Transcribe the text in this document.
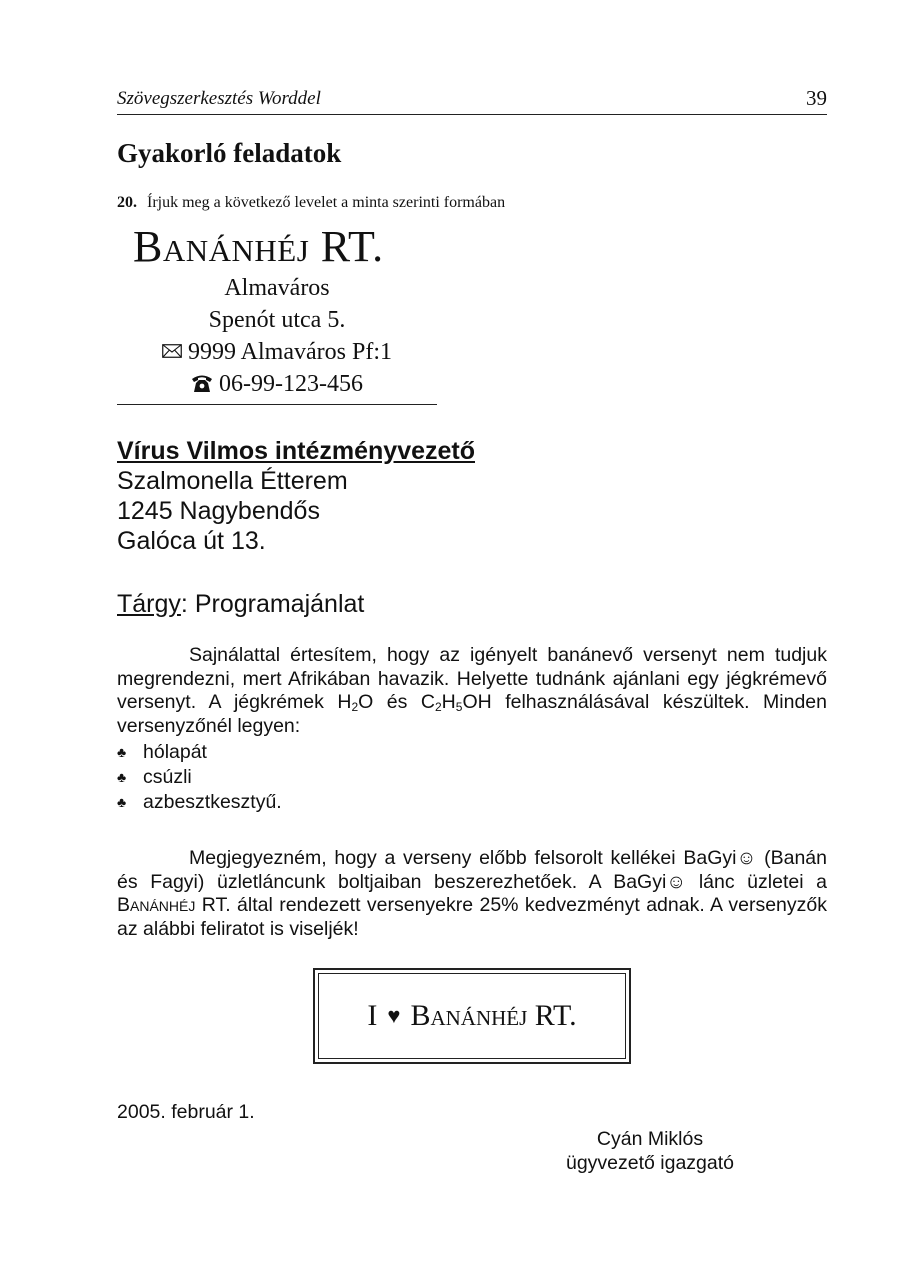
Szövegszerkesztés Worddel	39
Gyakorló feladatok
20. Írjuk meg a következő levelet a minta szerinti formában
Banánhéj RT.
Almaváros
Spenót utca 5.
9999 Almaváros Pf:1
06-99-123-456
Vírus Vilmos intézményvezető
Szalmonella Étterem
1245 Nagybendős
Galóca út 13.
Tárgy: Programajánlat
Sajnálattal értesítem, hogy az igényelt banánevő versenyt nem tudjuk megrendezni, mert Afrikában havazik. Helyette tudnánk ajánlani egy jégkrémevő versenyt. A jégkrémek $H_2O$ és $C_2H_5OH$ felhasználásával készültek. Minden versenyzőnél legyen:
♣ hólapát
♣ csúzli
♣ azbesztkesztyű.
Megjegyezném, hogy a verseny előbb felsorolt kellékei BaGyi☺ (Banán és Fagyi) üzletláncunk boltjaiban beszerezhetőek. A BaGyi☺ lánc üzletei a Banánhéj RT. által rendezett versenyekre 25% kedvezményt adnak. A versenyzők az alábbi feliratot is viseljék!
I ♥ Banánhéj RT.
2005. február 1.
Cyán Miklós
ügyvezető igazgató
